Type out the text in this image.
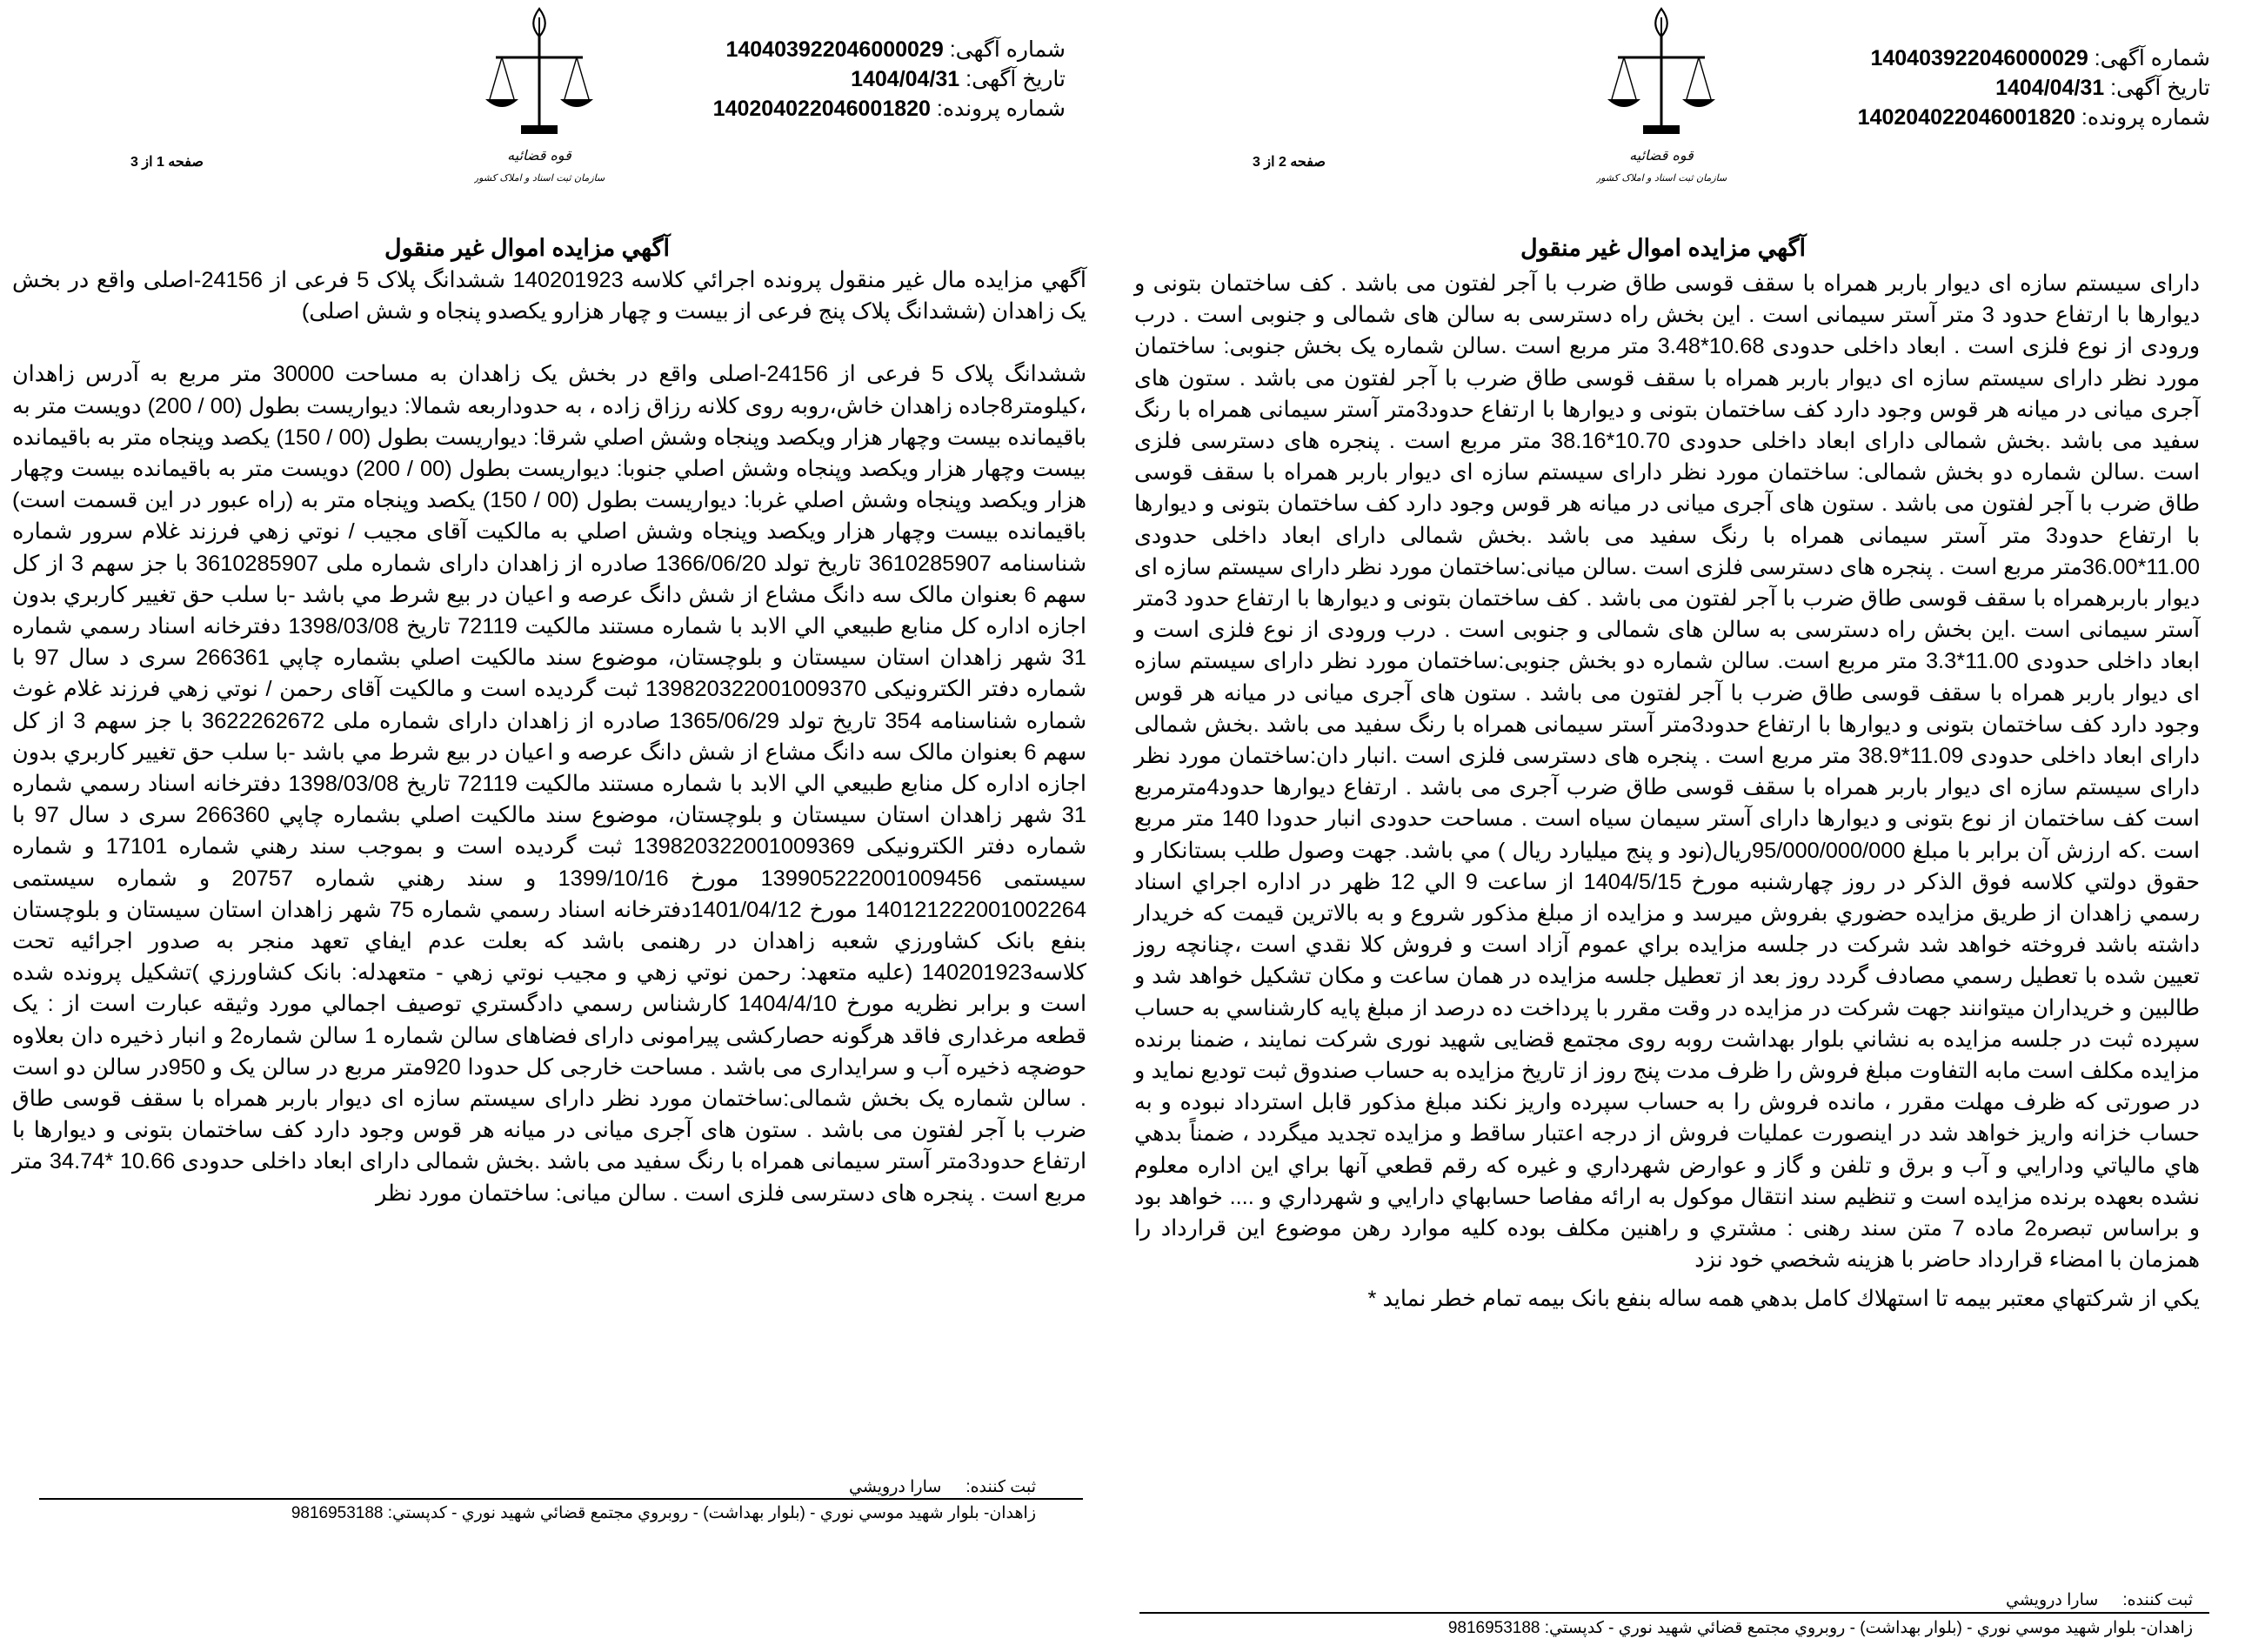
قوه قضائیه
سازمان ثبت اسناد و املاک کشور
شماره آگهی: 140403922046000029
تاریخ آگهی: 1404/04/31
شماره پرونده: 140204022046001820
صفحه 1 از 3
آگهي مزايده اموال غير منقول

آگهي مزايده مال غير منقول پرونده اجرائي كلاسه 140201923 ششدانگ پلاک 5 فرعی از 24156-اصلی واقع در بخش یک زاهدان (ششدانگ پلاک پنج فرعی از بیست و چهار هزارو یکصدو پنجاه و شش اصلی)

ششدانگ پلاک 5 فرعی از 24156-اصلی واقع در بخش یک زاهدان به مساحت 30000 متر مربع به آدرس زاهدان ،کیلومتر8جاده زاهدان خاش،روبه روی کلانه رزاق زاده ، به حدوداربعه شمالا: دیواریست بطول (00 / 200) دويست متر به باقيمانده بيست وچهار هزار ويكصد وپنجاه وشش اصلي شرقا: ديواريست بطول (00 / 150) يكصد وپنجاه متر به باقيمانده بيست وچهار هزار ويكصد وپنجاه وشش اصلي جنوبا: ديواريست بطول (00 / 200) دويست متر به باقيمانده بيست وچهار هزار ويكصد وپنجاه وشش اصلي غربا: ديواريست بطول (00 / 150) يكصد وپنجاه متر به (راه عبور در اين قسمت است) باقيمانده بيست وچهار هزار ويكصد وپنجاه وشش اصلي به مالكيت آقای مجيب / نوتي زهي فرزند غلام سرور شماره شناسنامه 3610285907 تاريخ تولد 1366/06/20 صادره از زاهدان دارای شماره ملی 3610285907 با جز سهم 3 از كل سهم 6 بعنوان مالک سه دانگ مشاع از شش دانگ عرصه و اعيان در بيع شرط مي باشد -با سلب حق تغيير كاربري بدون اجازه اداره كل منابع طبيعي الي الابد با شماره مستند مالكيت 72119 تاريخ 1398/03/08 دفترخانه اسناد رسمي شماره 31 شهر زاهدان استان سيستان و بلوچستان، موضوع سند مالكيت اصلي بشماره چاپي 266361 سری د سال 97 با شماره دفتر الكترونيكی 139820322001009370 ثبت گرديده است و مالكيت آقای رحمن / نوتي زهي فرزند غلام غوث شماره شناسنامه 354 تاريخ تولد 1365/06/29 صادره از زاهدان دارای شماره ملی 3622262672 با جز سهم 3 از كل سهم 6 بعنوان مالک سه دانگ مشاع از شش دانگ عرصه و اعيان در بيع شرط مي باشد -با سلب حق تغيير كاربري بدون اجازه اداره كل منابع طبيعي الي الابد با شماره مستند مالكيت 72119 تاريخ 1398/03/08 دفترخانه اسناد رسمي شماره 31 شهر زاهدان استان سيستان و بلوچستان، موضوع سند مالكيت اصلي بشماره چاپي 266360 سری د سال 97 با شماره دفتر الكترونيكی 139820322001009369 ثبت گرديده است و بموجب سند رهني شماره 17101 و شماره سيستمی 139905222001009456 مورخ 1399/10/16 و سند رهني شماره 20757 و شماره سيستمی 140121222001002264 مورخ 1401/04/12دفترخانه اسناد رسمي شماره 75 شهر زاهدان استان سيستان و بلوچستان بنفع بانک كشاورزي شعبه زاهدان در رهنمی باشد كه بعلت عدم ايفاي تعهد منجر به صدور اجرائيه تحت كلاسه140201923 (عليه متعهد: رحمن نوتي زهي و مجيب نوتي زهي - متعهدله: بانک كشاورزي )تشكيل پرونده شده است و برابر نظريه مورخ 1404/4/10 كارشناس رسمي دادگستري توصيف اجمالي مورد وثيقه عبارت است از : يک قطعه مرغداری فاقد هرگونه حصاركشی پیرامونی دارای فضاهای سالن شماره 1 سالن شماره2 و انبار ذخیره دان بعلاوه حوضچه ذخیره آب و سرایداری می باشد . مساحت خارجی کل حدودا 920متر مربع در سالن یک و 950در سالن دو است . سالن شماره یک بخش شمالی:ساختمان مورد نظر دارای سیستم سازه ای دیوار باربر همراه با سقف قوسی طاق ضرب با آجر لفتون می باشد . ستون های آجری میانی در میانه هر قوس وجود دارد کف ساختمان بتونی و دیوارها با ارتفاع حدود3متر آستر سیمانی همراه با رنگ سفید می باشد .بخش شمالی دارای ابعاد داخلی حدودی 10.66 *34.74 متر مربع است . پنجره های دسترسی فلزی است . سالن میانی: ساختمان مورد نظر

ثبت کننده:سارا درويشي
زاهدان- بلوار شهيد موسي نوري - (بلوار بهداشت) - روبروي مجتمع قضائي شهيد نوري - كدپستي: 9816953188
قوه قضائیه
سازمان ثبت اسناد و املاک کشور
شماره آگهی: 140403922046000029
تاریخ آگهی: 1404/04/31
شماره پرونده: 140204022046001820
صفحه 2 از 3
آگهي مزايده اموال غير منقول

دارای سیستم سازه ای دیوار باربر همراه با سقف قوسی طاق ضرب با آجر لفتون می باشد . کف ساختمان بتونی و دیوارها با ارتفاع حدود 3 متر آستر سیمانی است . این بخش راه دسترسی به سالن های شمالی و جنوبی است . درب ورودی از نوع فلزی است . ابعاد داخلی حدودی 10.68*3.48 متر مربع است .سالن شماره یک بخش جنوبی: ساختمان مورد نظر دارای سیستم سازه ای دیوار باربر همراه با سقف قوسی طاق ضرب با آجر لفتون می باشد . ستون های آجری میانی در میانه هر قوس وجود دارد کف ساختمان بتونی و دیوارها با ارتفاع حدود3متر آستر سیمانی همراه با رنگ سفید می باشد .بخش شمالی دارای ابعاد داخلی حدودی 10.70*38.16 متر مربع است . پنجره های دسترسی فلزی است .سالن شماره دو بخش شمالی: ساختمان مورد نظر دارای سیستم سازه ای دیوار باربر همراه با سقف قوسی طاق ضرب با آجر لفتون می باشد . ستون های آجری میانی در میانه هر قوس وجود دارد کف ساختمان بتونی و دیوارها با ارتفاع حدود3 متر آستر سیمانی همراه با رنگ سفید می باشد .بخش شمالی دارای ابعاد داخلی حدودی 11.00*36.00متر مربع است . پنجره های دسترسی فلزی است .سالن میانی:ساختمان مورد نظر دارای سیستم سازه ای دیوار باربرهمراه با سقف قوسی طاق ضرب با آجر لفتون می باشد . کف ساختمان بتونی و دیوارها با ارتفاع حدود 3متر آستر سیمانی است .این بخش راه دسترسی به سالن های شمالی و جنوبی است . درب ورودی از نوع فلزی است و ابعاد داخلی حدودی 11.00*3.3 متر مربع است. سالن شماره دو بخش جنوبی:ساختمان مورد نظر دارای سیستم سازه ای دیوار باربر همراه با سقف قوسی طاق ضرب با آجر لفتون می باشد . ستون های آجری میانی در میانه هر قوس وجود دارد کف ساختمان بتونی و دیوارها با ارتفاع حدود3متر آستر سیمانی همراه با رنگ سفید می باشد .بخش شمالی دارای ابعاد داخلی حدودی 11.09*38.9 متر مربع است . پنجره های دسترسی فلزی است .انبار دان:ساختمان مورد نظر دارای سیستم سازه ای دیوار باربر همراه با سقف قوسی طاق ضرب آجری می باشد . ارتفاع دیوارها حدود4مترمربع است کف ساختمان از نوع بتونی و دیوارها دارای آستر سیمان سیاه است . مساحت حدودی انبار حدودا 140 متر مربع است .که ارزش آن برابر با مبلغ 95/000/000/000ريال(نود و پنج ميليارد ريال ) مي باشد. جهت وصول طلب بستانكار و حقوق دولتي كلاسه فوق الذكر در روز چهارشنبه مورخ 1404/5/15 از ساعت 9 الي 12 ظهر در اداره اجراي اسناد رسمي زاهدان از طريق مزايده حضوري بفروش ميرسد و مزايده از مبلغ مذكور شروع و به بالاترين قيمت كه خريدار داشته باشد فروخته خواهد شد شركت در جلسه مزايده براي عموم آزاد است و فروش كلا نقدي است ،چنانچه روز تعيين شده با تعطيل رسمي مصادف گردد روز بعد از تعطيل جلسه مزايده در همان ساعت و مكان تشكيل خواهد شد و طالبين و خريداران ميتوانند جهت شركت در مزايده در وقت مقرر با پرداخت ده درصد از مبلغ پايه كارشناسي به حساب سپرده ثبت در جلسه مزايده به نشاني بلوار بهداشت روبه روی مجتمع قضايی شهيد نوری شرکت نمايند ، ضمنا برنده مزايده مكلف است مابه التفاوت مبلغ فروش را ظرف مدت پنج روز از تاريخ مزايده به حساب صندوق ثبت توديع نمايد و در صورتی كه ظرف مهلت مقرر ، مانده فروش را به حساب سپرده واريز نكند مبلغ مذكور قابل استرداد نبوده و به حساب خزانه واريز خواهد شد در اينصورت عمليات فروش از درجه اعتبار ساقط و مزايده تجديد ميگردد ، ضمناً بدهي هاي مالياتي ودارايي و آب و برق و تلفن و گاز و عوارض شهرداري و غيره كه رقم قطعي آنها براي اين اداره معلوم نشده بعهده برنده مزايده است و تنظيم سند انتقال موكول به ارائه مفاصا حسابهاي دارايي و شهرداري و .... خواهد بود و براساس تبصره2 ماده 7 متن سند رهنی : مشتري و راهنين مكلف بوده كليه موارد رهن موضوع اين قرارداد را همزمان با امضاء قرارداد حاضر با هزينه شخصي خود نزد

يكي از شركتهاي معتبر بيمه تا استهلاك كامل بدهي همه ساله بنفع بانک بيمه تمام خطر نمايد *

ثبت کننده:سارا درويشي
زاهدان- بلوار شهيد موسي نوري - (بلوار بهداشت) - روبروي مجتمع قضائي شهيد نوري - كدپستي: 9816953188
